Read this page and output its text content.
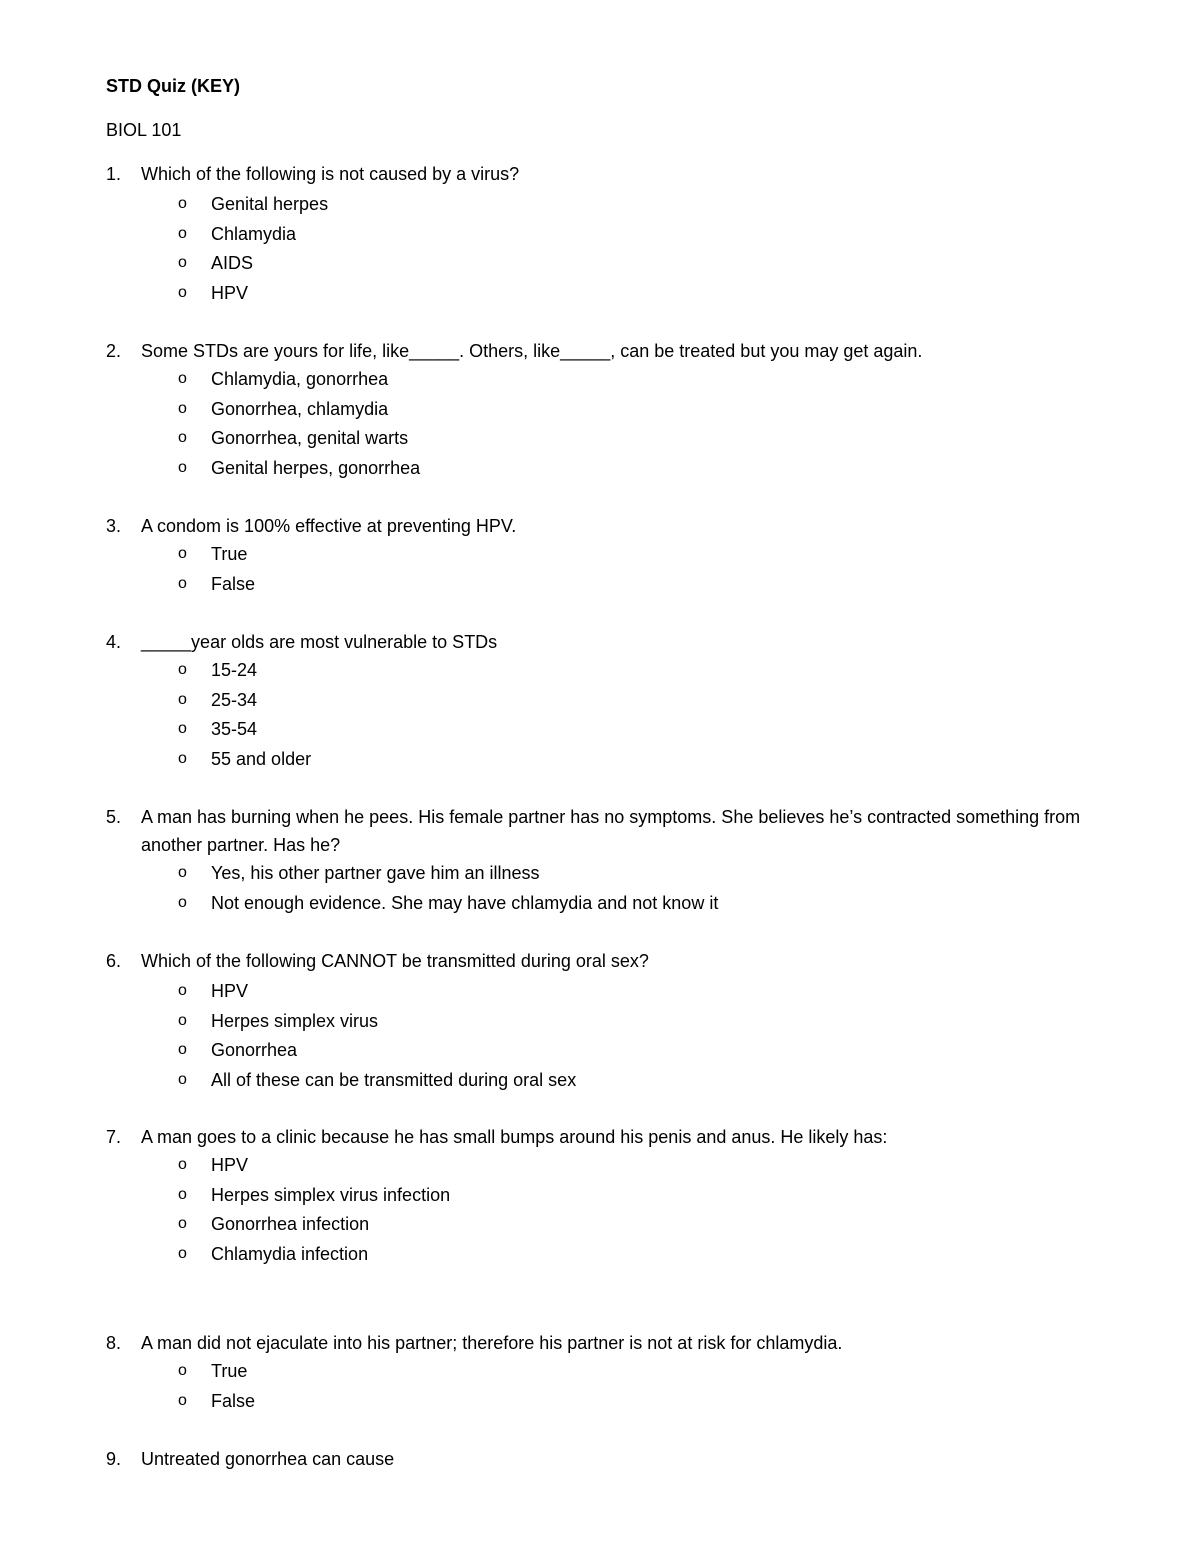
STD Quiz (KEY)
BIOL 101
1. Which of the following is not caused by a virus?
o Genital herpes
o Chlamydia
o AIDS
o HPV
2. Some STDs are yours for life, like_____. Others, like_____, can be treated but you may get again.
o Chlamydia, gonorrhea
o Gonorrhea, chlamydia
o Gonorrhea, genital warts
o Genital herpes, gonorrhea
3. A condom is 100% effective at preventing HPV.
o True
o False
4. _____year olds are most vulnerable to STDs
o 15-24
o 25-34
o 35-54
o 55 and older
5. A man has burning when he pees. His female partner has no symptoms. She believes he’s contracted something from another partner. Has he?
o Yes, his other partner gave him an illness
o Not enough evidence. She may have chlamydia and not know it
6. Which of the following CANNOT be transmitted during oral sex?
o HPV
o Herpes simplex virus
o Gonorrhea
o All of these can be transmitted during oral sex
7. A man goes to a clinic because he has small bumps around his penis and anus. He likely has:
o HPV
o Herpes simplex virus infection
o Gonorrhea infection
o Chlamydia infection
8. A man did not ejaculate into his partner; therefore his partner is not at risk for chlamydia.
o True
o False
9. Untreated gonorrhea can cause
